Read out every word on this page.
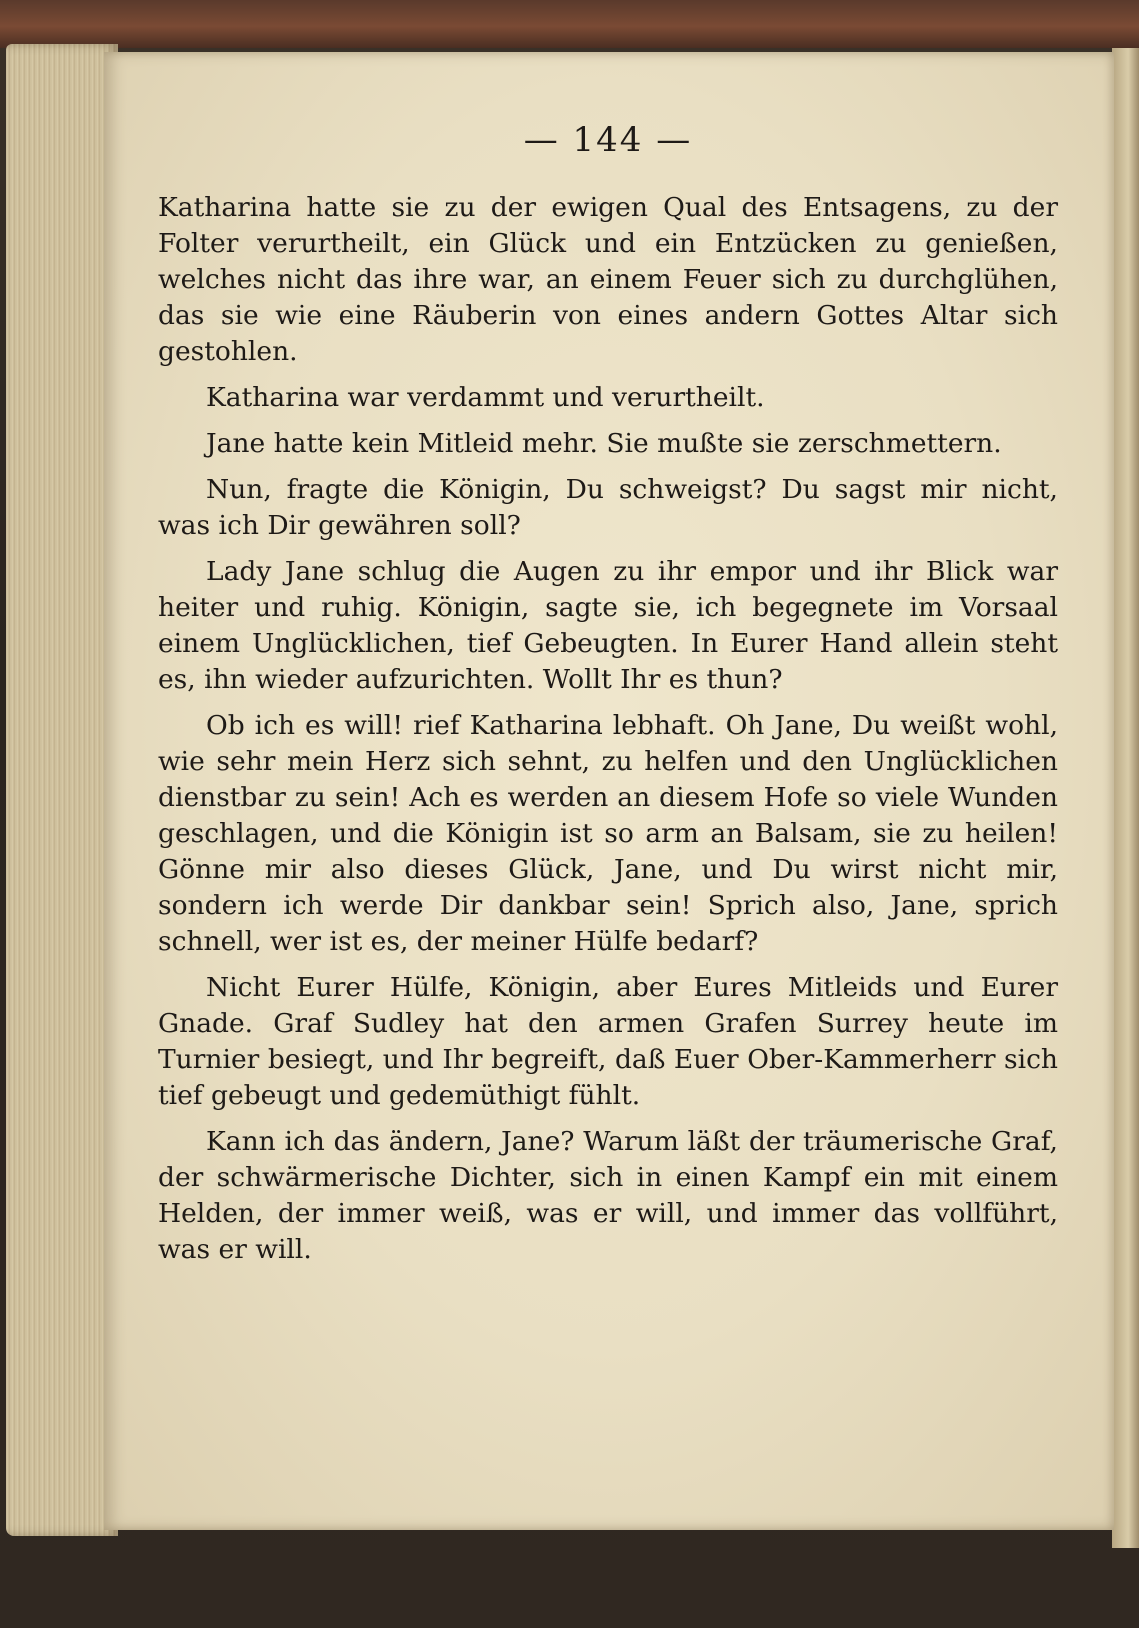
— 144 —

Katharina hatte sie zu der ewigen Qual des Entsagens, zu der Folter verurtheilt, ein Glück und ein Entzücken zu genießen, welches nicht das ihre war, an einem Feuer sich zu durchglühen, das sie wie eine Räuberin von eines andern Gottes Altar sich gestohlen.

Katharina war verdammt und verurtheilt.

Jane hatte kein Mitleid mehr. Sie mußte sie zerschmettern.

Nun, fragte die Königin, Du schweigst? Du sagst mir nicht, was ich Dir gewähren soll?

Lady Jane schlug die Augen zu ihr empor und ihr Blick war heiter und ruhig. Königin, sagte sie, ich begegnete im Vorsaal einem Unglücklichen, tief Gebeugten. In Eurer Hand allein steht es, ihn wieder aufzurichten. Wollt Ihr es thun?

Ob ich es will! rief Katharina lebhaft. Oh Jane, Du weißt wohl, wie sehr mein Herz sich sehnt, zu helfen und den Unglücklichen dienstbar zu sein! Ach es werden an diesem Hofe so viele Wunden geschlagen, und die Königin ist so arm an Balsam, sie zu heilen! Gönne mir also dieses Glück, Jane, und Du wirst nicht mir, sondern ich werde Dir dankbar sein! Sprich also, Jane, sprich schnell, wer ist es, der meiner Hülfe bedarf?

Nicht Eurer Hülfe, Königin, aber Eures Mitleids und Eurer Gnade. Graf Sudley hat den armen Grafen Surrey heute im Turnier besiegt, und Ihr begreift, daß Euer Ober-Kammerherr sich tief gebeugt und gedemüthigt fühlt.

Kann ich das ändern, Jane? Warum läßt der träumerische Graf, der schwärmerische Dichter, sich in einen Kampf ein mit einem Helden, der immer weiß, was er will, und immer das vollführt, was er will.
